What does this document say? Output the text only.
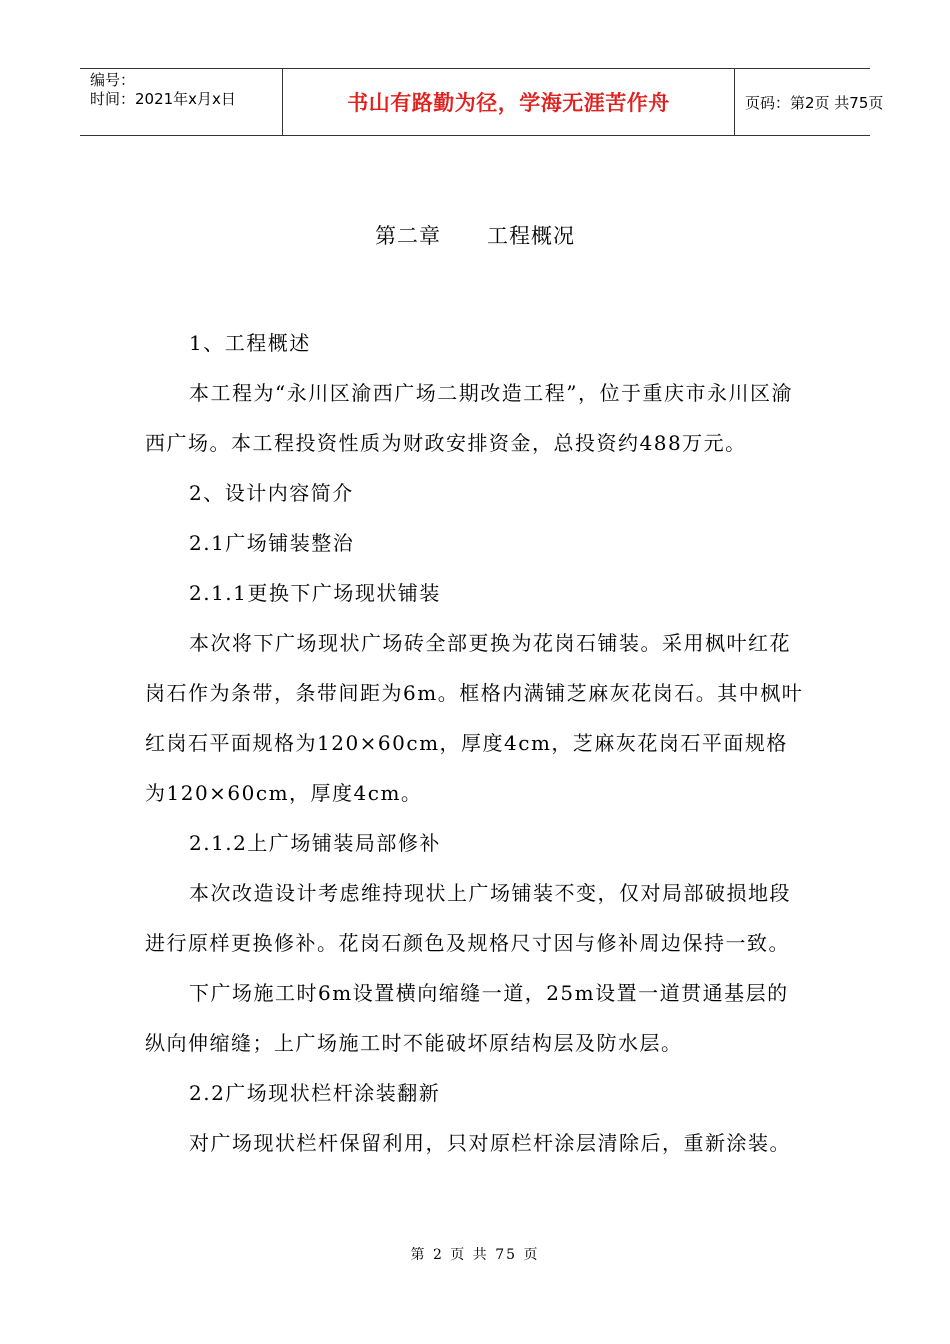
编号：
时间：2021年x月x日	书山有路勤为径，学海无涯苦作舟	页码：第2页 共75页
第二章      工程概况

1、工程概述

本工程为“永川区渝西广场二期改造工程”，位于重庆市永川区渝西广场。本工程投资性质为财政安排资金，总投资约488万元。

2、设计内容简介

2.1广场铺装整治

2.1.1更换下广场现状铺装

本次将下广场现状广场砖全部更换为花岗石铺装。采用枫叶红花岗石作为条带，条带间距为6m。框格内满铺芝麻灰花岗石。其中枫叶红岗石平面规格为120×60cm，厚度4cm，芝麻灰花岗石平面规格为120×60cm，厚度4cm。

2.1.2上广场铺装局部修补

本次改造设计考虑维持现状上广场铺装不变，仅对局部破损地段进行原样更换修补。花岗石颜色及规格尺寸因与修补周边保持一致。

下广场施工时6m设置横向缩缝一道，25m设置一道贯通基层的纵向伸缩缝；上广场施工时不能破坏原结构层及防水层。

2.2广场现状栏杆涂装翻新

对广场现状栏杆保留利用，只对原栏杆涂层清除后，重新涂装。

第 2 页 共 75 页
